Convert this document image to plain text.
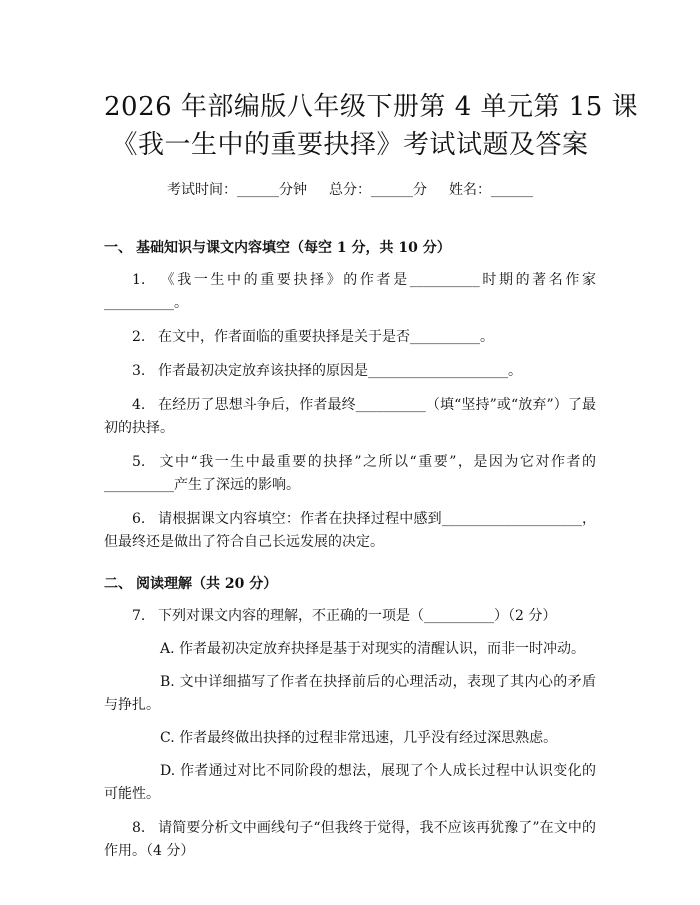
2026 年部编版八年级下册第 4 单元第 15 课
《我一生中的重要抉择》考试试题及答案
考试时间：______分钟 总分：______分 姓名：______
一、 基础知识与课文内容填空（每空 1 分，共 10 分）
1. 《我一生中的重要抉择》的作者是__________时期的著名作家__________。
2. 在文中，作者面临的重要抉择是关于是否__________。
3. 作者最初决定放弃该抉择的原因是____________________。
4. 在经历了思想斗争后，作者最终__________（填“坚持”或“放弃”）了最初的抉择。
5. 文中“我一生中最重要的抉择”之所以“重要”，是因为它对作者的__________产生了深远的影响。
6. 请根据课文内容填空：作者在抉择过程中感到____________________，但最终还是做出了符合自己长远发展的决定。
二、 阅读理解（共 20 分）
7. 下列对课文内容的理解，不正确的一项是（__________）（2 分）
A. 作者最初决定放弃抉择是基于对现实的清醒认识，而非一时冲动。
B. 文中详细描写了作者在抉择前后的心理活动，表现了其内心的矛盾与挣扎。
C. 作者最终做出抉择的过程非常迅速，几乎没有经过深思熟虑。
D. 作者通过对比不同阶段的想法，展现了个人成长过程中认识变化的可能性。
8. 请简要分析文中画线句子“但我终于觉得，我不应该再犹豫了”在文中的作用。（4 分）
